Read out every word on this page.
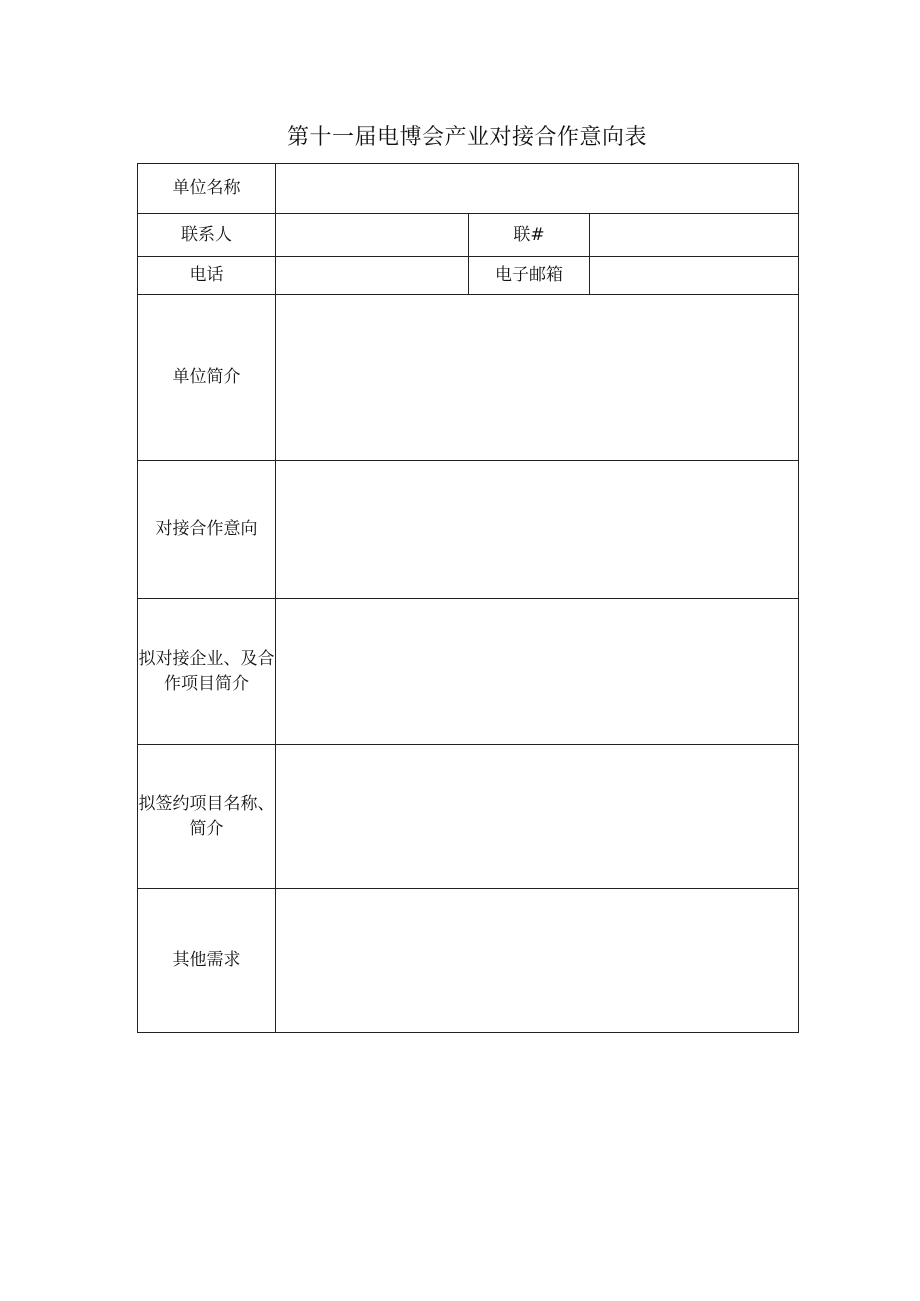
第十一届电博会产业对接合作意向表
单位名称			
联系人		联#	
电话		电子邮箱	
单位简介			
对接合作意向			
拟对接企业、及合作项目简介			
拟签约项目名称、简介			
其他需求			
